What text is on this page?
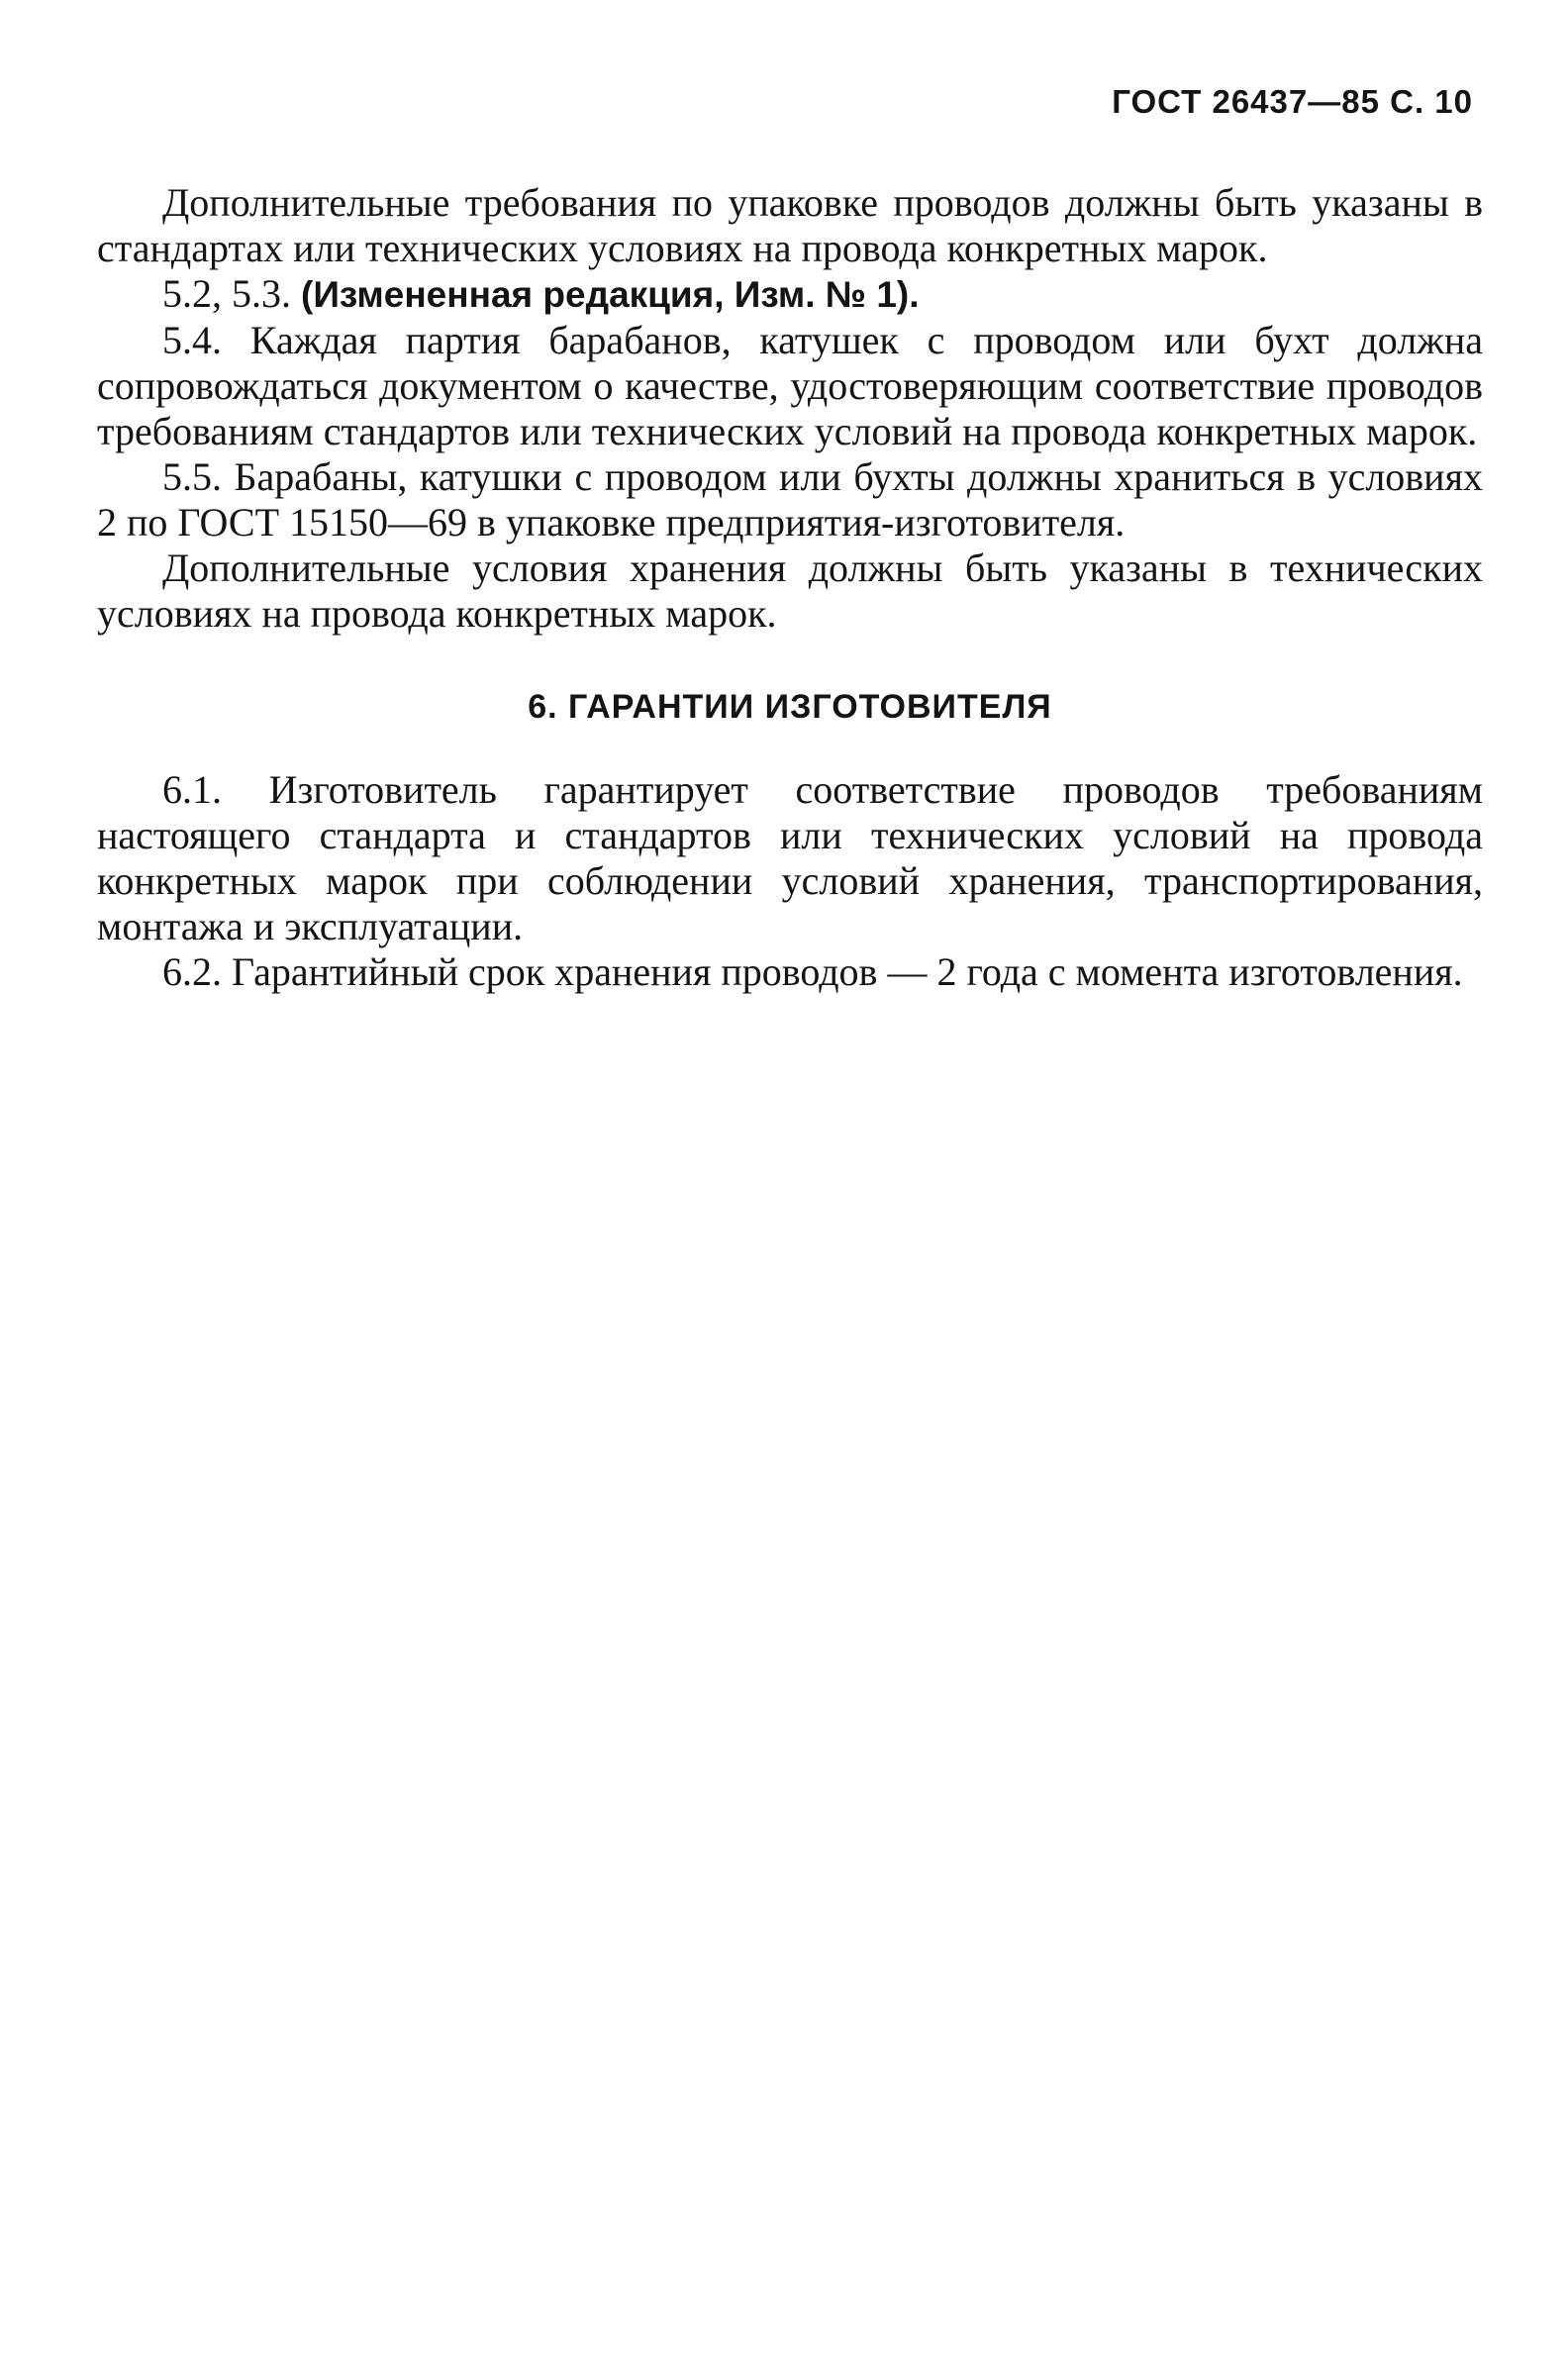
ГОСТ 26437—85 С. 10

Дополнительные требования по упаковке проводов должны быть указаны в стандартах или технических условиях на провода конкретных марок.

5.2, 5.3. (Измененная редакция, Изм. № 1).

5.4. Каждая партия барабанов, катушек с проводом или бухт должна сопровождаться документом о качестве, удостоверяющим соответствие проводов требованиям стандартов или технических условий на провода конкретных марок.

5.5. Барабаны, катушки с проводом или бухты должны храниться в условиях 2 по ГОСТ 15150—69 в упаковке предприятия-изготовителя.

Дополнительные условия хранения должны быть указаны в технических условиях на провода конкретных марок.

6. ГАРАНТИИ ИЗГОТОВИТЕЛЯ

6.1. Изготовитель гарантирует соответствие проводов требованиям настоящего стандарта и стандартов или технических условий на провода конкретных марок при соблюдении условий хранения, транспортирования, монтажа и эксплуатации.

6.2. Гарантийный срок хранения проводов — 2 года с момента изготовления.
